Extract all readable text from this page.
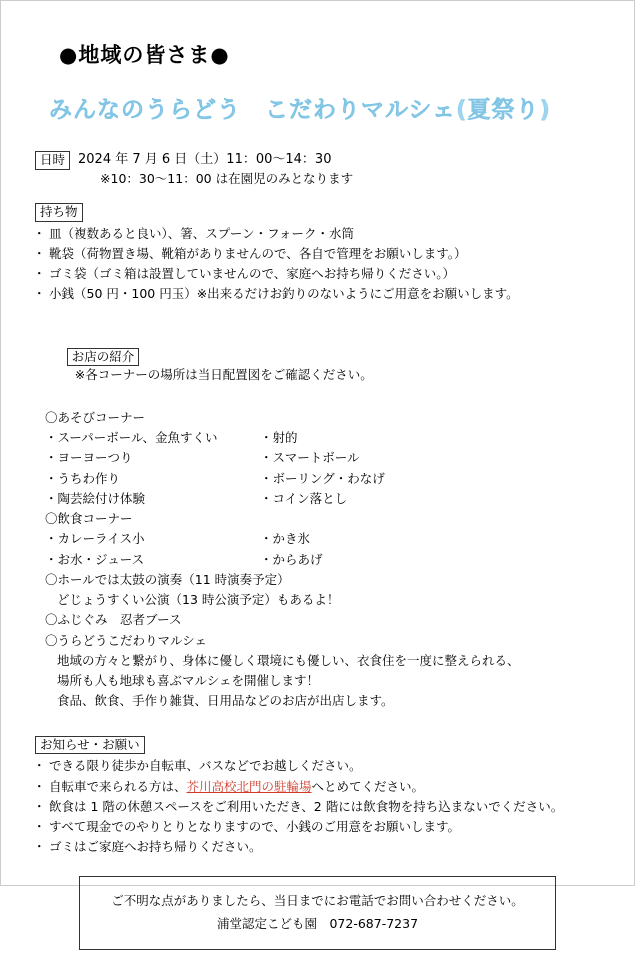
●地域の皆さま●
みんなのうらどう　こだわりマルシェ(夏祭り)
日時	2024 年 7 月 6 日（土）11：00〜14：30
※10：30〜11：00 は在園児のみとなります
持ち物
・ 皿（複数あると良い）、箸、スプーン・フォーク・水筒
・ 靴袋（荷物置き場、靴箱がありませんので、各自で管理をお願いします。）
・ ゴミ袋（ゴミ箱は設置していませんので、家庭へお持ち帰りください。）
・ 小銭（50 円・100 円玉）※出来るだけお釣りのないようにご用意をお願いします。

お店の紹介
※各コーナーの場所は当日配置図をご確認ください。

〇あそびコーナー
・スーパーボール、金魚すくい
・ヨーヨーつり
・うちわ作り
・陶芸絵付け体験
・射的
・スマートボール
・ボーリング・わなげ
・コイン落とし
〇飲食コーナー
・カレーライス小
・お水・ジュース
・かき氷
・からあげ
〇ホールでは太鼓の演奏（11 時演奏予定）
どじょうすくい公演（13 時公演予定）もあるよ！
〇ふじぐみ　忍者ブース
〇うらどうこだわりマルシェ
地域の方々と繋がり、身体に優しく環境にも優しい、衣食住を一度に整えられる、
場所も人も地球も喜ぶマルシェを開催します！
食品、飲食、手作り雑貨、日用品などのお店が出店します。
お知らせ・お願い
・ できる限り徒歩か自転車、バスなどでお越しください。
・ 自転車で来られる方は、芥川高校北門の駐輪場へとめてください。
・ 飲食は 1 階の休憩スペースをご利用いただき、2 階には飲食物を持ち込まないでください。
・ すべて現金でのやりとりとなりますので、小銭のご用意をお願いします。
・ ゴミはご家庭へお持ち帰りください。
ご不明な点がありましたら、当日までにお電話でお問い合わせください。
浦堂認定こども園　072-687-7237
